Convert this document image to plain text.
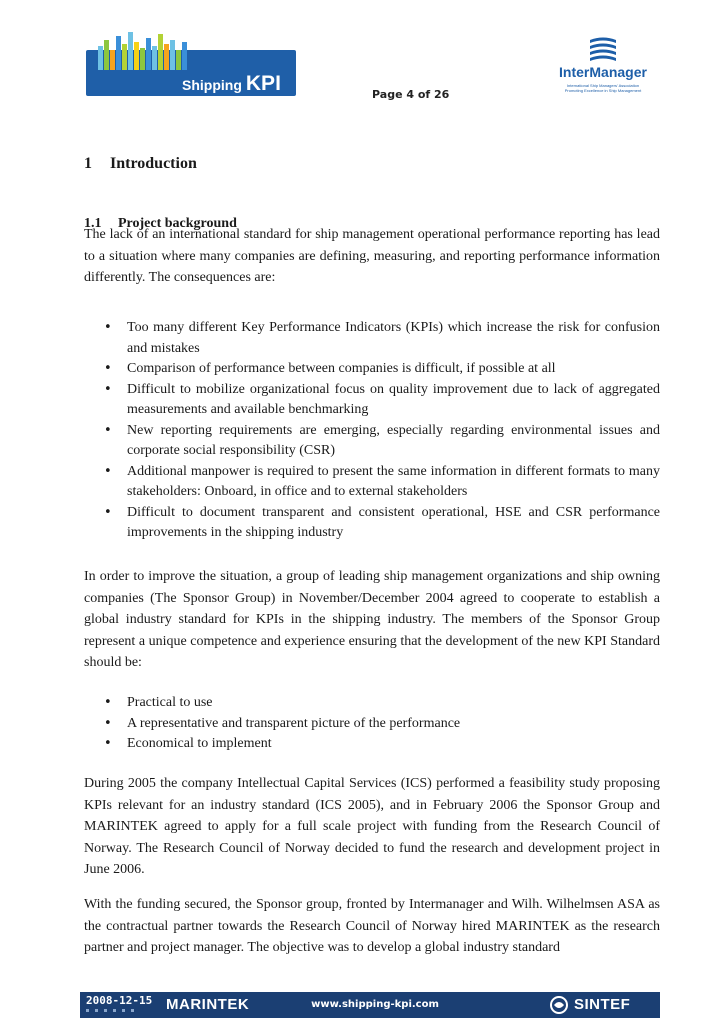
Shipping KPI	Page 4 of 26
InterManager
International Ship Managers' Association
Promoting Excellence in Ship Management
1 Introduction
1.1 Project background

The lack of an international standard for ship management operational performance reporting has lead to a situation where many companies are defining, measuring, and reporting performance information differently. The consequences are:

• Too many different Key Performance Indicators (KPIs) which increase the risk for confusion and mistakes
• Comparison of performance between companies is difficult, if possible at all
• Difficult to mobilize organizational focus on quality improvement due to lack of aggregated measurements and available benchmarking
• New reporting requirements are emerging, especially regarding environmental issues and corporate social responsibility (CSR)
• Additional manpower is required to present the same information in different formats to many stakeholders: Onboard, in office and to external stakeholders
• Difficult to document transparent and consistent operational, HSE and CSR performance improvements in the shipping industry

In order to improve the situation, a group of leading ship management organizations and ship owning companies (The Sponsor Group) in November/December 2004 agreed to cooperate to establish a global industry standard for KPIs in the shipping industry. The members of the Sponsor Group represent a unique competence and experience ensuring that the development of the new KPI Standard should be:

• Practical to use
• A representative and transparent picture of the performance
• Economical to implement

During 2005 the company Intellectual Capital Services (ICS) performed a feasibility study proposing KPIs relevant for an industry standard (ICS 2005), and in February 2006 the Sponsor Group and MARINTEK agreed to apply for a full scale project with funding from the Research Council of Norway. The Research Council of Norway decided to fund the research and development project in June 2006.

With the funding secured, the Sponsor group, fronted by Intermanager and Wilh. Wilhelmsen ASA as the contractual partner towards the Research Council of Norway hired MARINTEK as the research partner and project manager. The objective was to develop a global industry standard

2008-12-15 MARINTEK	www.shipping-kpi.com	SINTEF
